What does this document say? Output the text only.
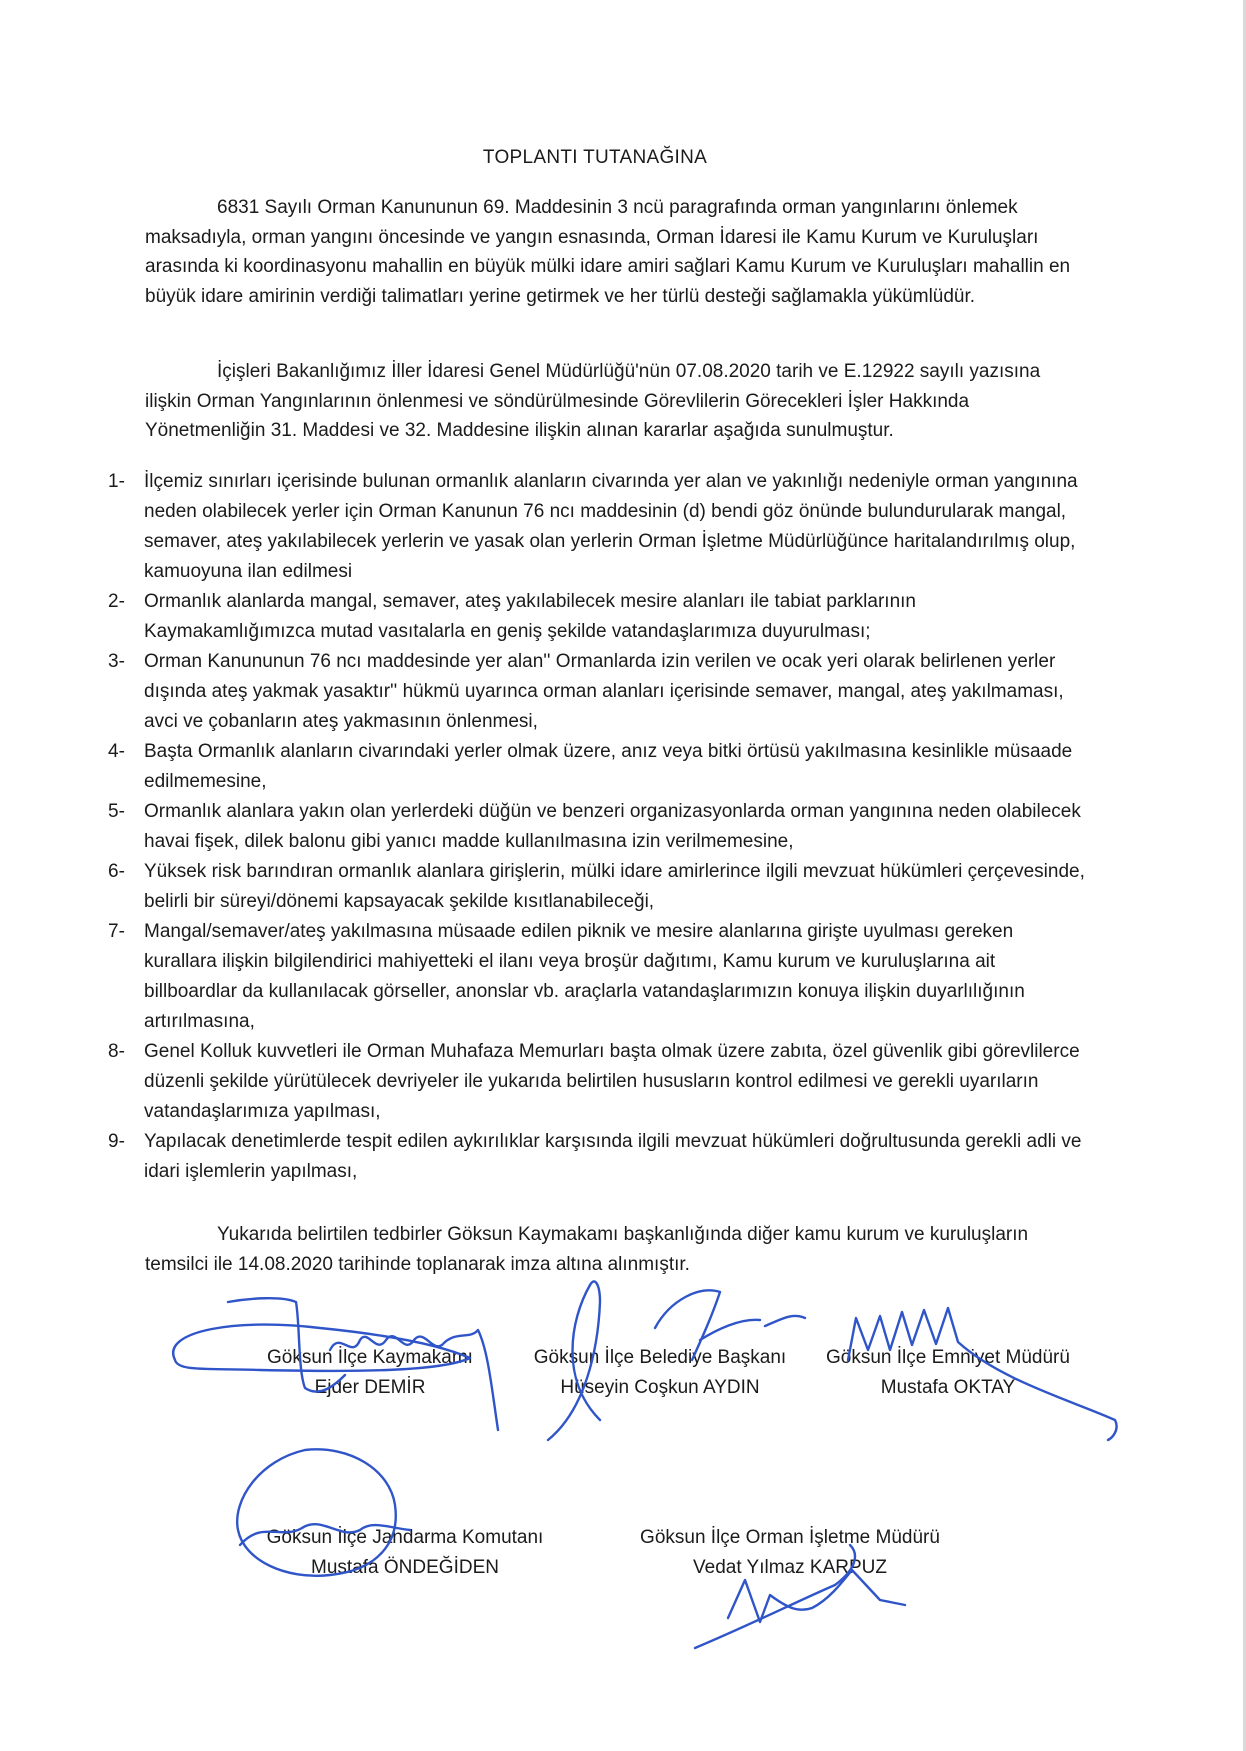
TOPLANTI TUTANAĞINA
6831 Sayılı Orman Kanununun 69. Maddesinin 3 ncü paragrafında orman yangınlarını önlemek maksadıyla, orman yangını öncesinde ve yangın esnasında, Orman İdaresi ile Kamu Kurum ve Kuruluşları arasında ki koordinasyonu mahallin en büyük mülki idare amiri sağlari Kamu Kurum ve Kuruluşları mahallin en büyük idare amirinin verdiği talimatları yerine getirmek ve her türlü desteği sağlamakla yükümlüdür.
İçişleri Bakanlığımız İller İdaresi Genel Müdürlüğü'nün 07.08.2020 tarih ve E.12922 sayılı yazısına ilişkin Orman Yangınlarının önlenmesi ve söndürülmesinde Görevlilerin Görecekleri İşler Hakkında Yönetmenliğin 31. Maddesi ve 32. Maddesine ilişkin alınan kararlar aşağıda sunulmuştur.
1- İlçemiz sınırları içerisinde bulunan ormanlık alanların civarında yer alan ve yakınlığı nedeniyle orman yangınına neden olabilecek yerler için Orman Kanunun 76 ncı maddesinin (d) bendi göz önünde bulundurularak mangal, semaver, ateş yakılabilecek yerlerin ve yasak olan yerlerin Orman İşletme Müdürlüğünce haritalandırılmış olup, kamuoyuna ilan edilmesi
2- Ormanlık alanlarda mangal, semaver, ateş yakılabilecek mesire alanları ile tabiat parklarının Kaymakamlığımızca mutad vasıtalarla en geniş şekilde vatandaşlarımıza duyurulması;
3- Orman Kanununun 76 ncı maddesinde yer alan'' Ormanlarda izin verilen ve ocak yeri olarak belirlenen yerler dışında ateş yakmak yasaktır'' hükmü uyarınca orman alanları içerisinde semaver, mangal, ateş yakılmaması, avci ve çobanların ateş yakmasının önlenmesi,
4- Başta Ormanlık alanların civarındaki yerler olmak üzere, anız veya bitki örtüsü yakılmasına kesinlikle müsaade edilmemesine,
5- Ormanlık alanlara yakın olan yerlerdeki düğün ve benzeri organizasyonlarda orman yangınına neden olabilecek havai fişek, dilek balonu gibi yanıcı madde kullanılmasına izin verilmemesine,
6- Yüksek risk barındıran ormanlık alanlara girişlerin, mülki idare amirlerince ilgili mevzuat hükümleri çerçevesinde, belirli bir süreyi/dönemi kapsayacak şekilde kısıtlanabileceği,
7- Mangal/semaver/ateş yakılmasına müsaade edilen piknik ve mesire alanlarına girişte uyulması gereken kurallara ilişkin bilgilendirici mahiyetteki el ilanı veya broşür dağıtımı, Kamu kurum ve kuruluşlarına ait billboardlar da kullanılacak görseller, anonslar vb. araçlarla vatandaşlarımızın konuya ilişkin duyarlılığının artırılmasına,
8- Genel Kolluk kuvvetleri ile Orman Muhafaza Memurları başta olmak üzere zabıta, özel güvenlik gibi görevlilerce düzenli şekilde yürütülecek devriyeler ile yukarıda belirtilen hususların kontrol edilmesi ve gerekli uyarıların vatandaşlarımıza yapılması,
9- Yapılacak denetimlerde tespit edilen aykırılıklar karşısında ilgili mevzuat hükümleri doğrultusunda gerekli adli ve idari işlemlerin yapılması,
Yukarıda belirtilen tedbirler Göksun Kaymakamı başkanlığında diğer kamu kurum ve kuruluşların temsilci ile 14.08.2020 tarihinde toplanarak imza altına alınmıştır.
Göksun İlçe Kaymakamı
Ejder DEMİR
Göksun İlçe Belediye Başkanı
Hüseyin Coşkun AYDIN
Göksun İlçe Emniyet Müdürü
Mustafa OKTAY
Göksun İlçe Jandarma Komutanı
Mustafa ÖNDEĞİDEN
Göksun İlçe Orman İşletme Müdürü
Vedat Yılmaz KARPUZ
